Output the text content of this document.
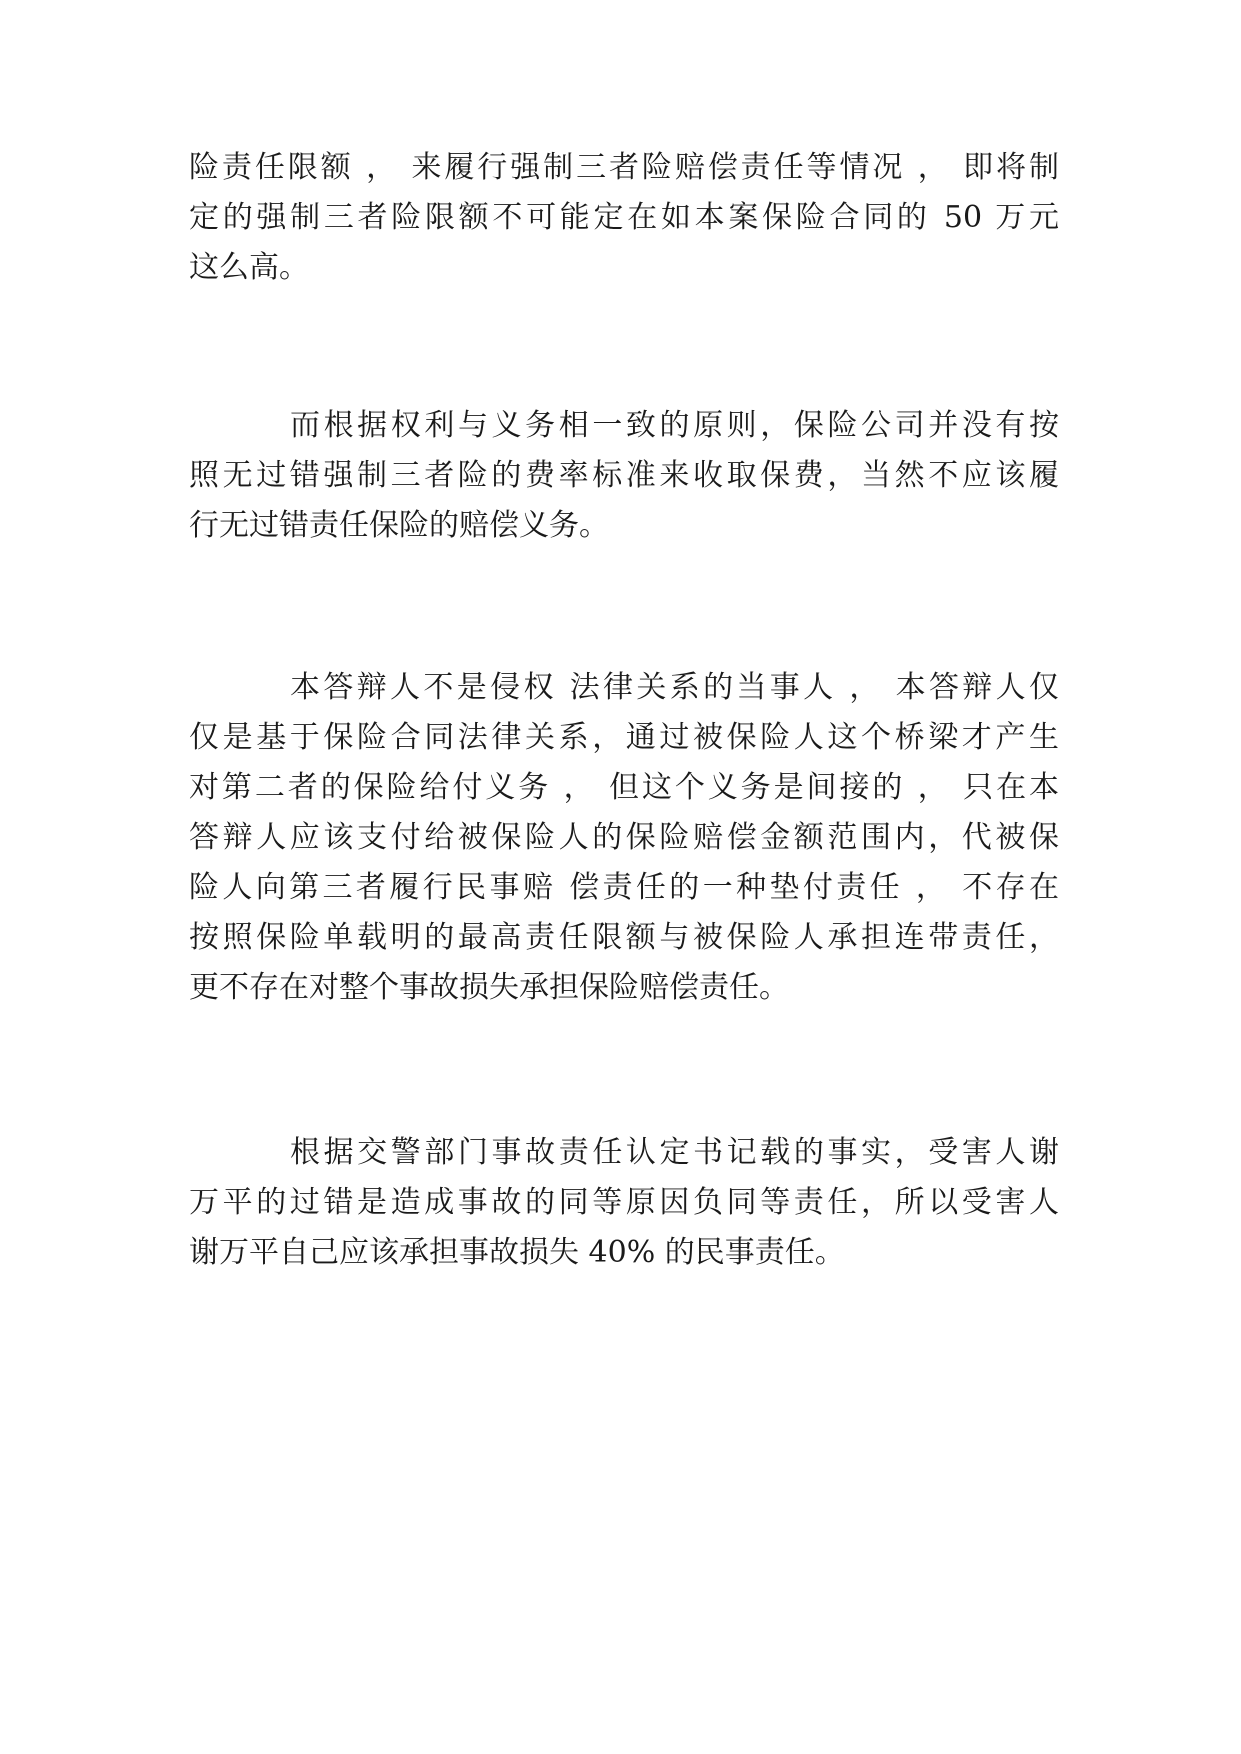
险责任限额 ， 来履行强制三者险赔偿责任等情况 ， 即将制
定的强制三者险限额不可能定在如本案保险合同的 50 万元
这么高。
而根据权利与义务相一致的原则，保险公司并没有按
照无过错强制三者险的费率标准来收取保费，当然不应该履
行无过错责任保险的赔偿义务。
本答辩人不是侵权 法律关系的当事人 ， 本答辩人仅
仅是基于保险合同法律关系，通过被保险人这个桥梁才产生
对第二者的保险给付义务 ， 但这个义务是间接的 ， 只在本
答辩人应该支付给被保险人的保险赔偿金额范围内，代被保
险人向第三者履行民事赔 偿责任的一种垫付责任 ， 不存在
按照保险单载明的最高责任限额与被保险人承担连带责任，
更不存在对整个事故损失承担保险赔偿责任。
根据交警部门事故责任认定书记载的事实，受害人谢
万平的过错是造成事故的同等原因负同等责任，所以受害人
谢万平自己应该承担事故损失 40% 的民事责任。
